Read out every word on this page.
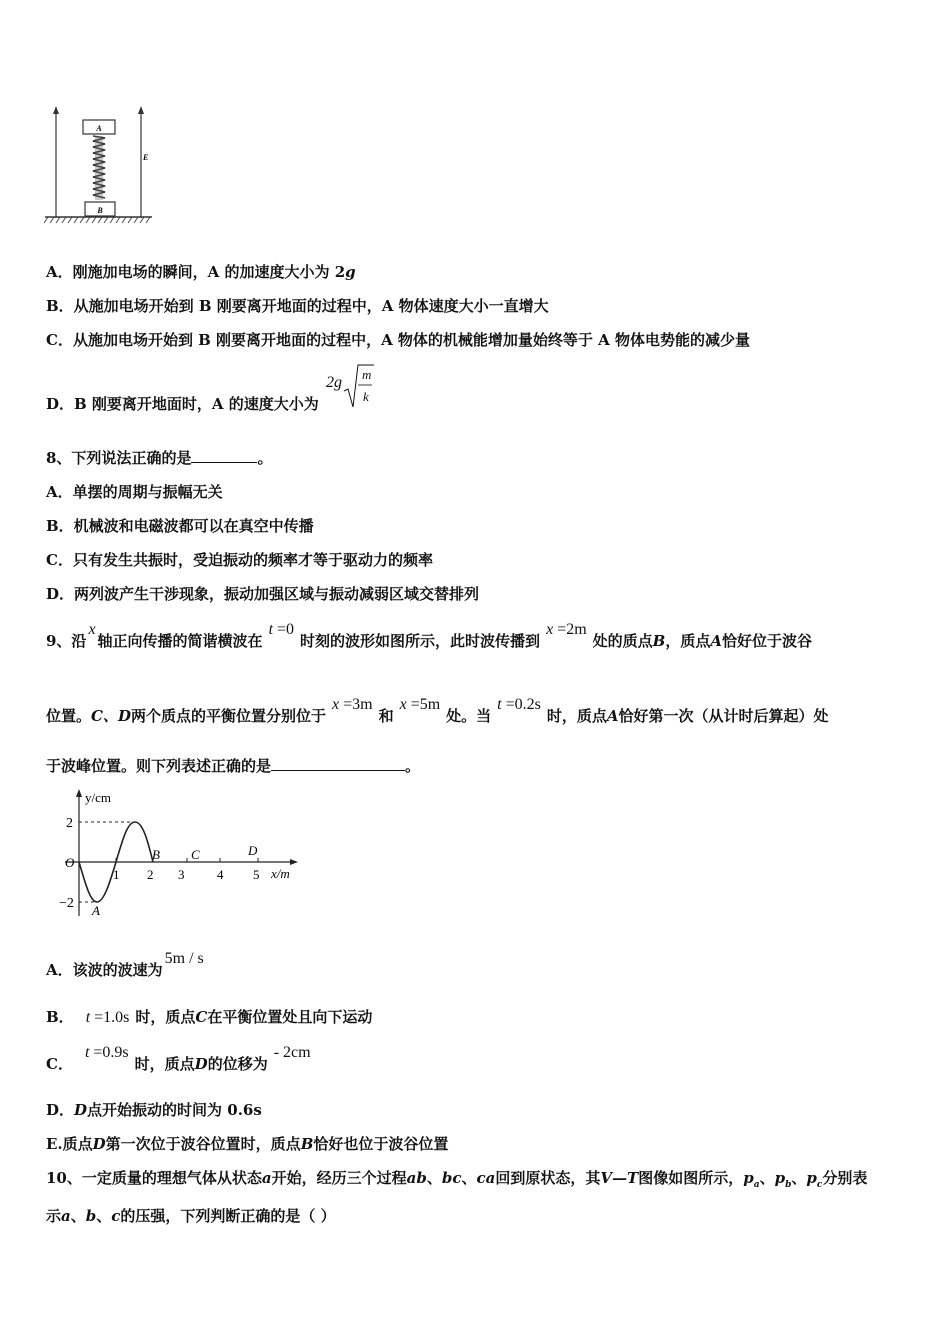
A
B
E
A．刚施加电场的瞬间，A 的加速度大小为 2g
B．从施加电场开始到 B 刚要离开地面的过程中，A 物体速度大小一直增大
C．从施加电场开始到 B 刚要离开地面的过程中，A 物体的机械能增加量始终等于 A 物体电势能的减少量
D．B 刚要离开地面时，A 的速度大小为
2g m
k
8、下列说法正确的是	。
A．单摆的周期与振幅无关
B．机械波和电磁波都可以在真空中传播
C．只有发生共振时，受迫振动的频率才等于驱动力的频率
D．两列波产生干涉现象，振动加强区域与振动减弱区域交替排列
9、沿x轴正向传播的简谐横波在t =0时刻的波形如图所示，此时波传播到x =2m处的质点B，质点A恰好位于波谷
位置。C、D两个质点的平衡位置分别位于x =3m和x =5m处。当t =0.2s时，质点A恰好第一次（从计时后算起）处
于波峰位置。则下列表述正确的是	。
y/cm
x/m
O
2
−2
1 2 3	4 5
A
B C	D
A．该波的波速为5m / s
B． t =1.0s 时，质点C在平衡位置处且向下运动
C．t =0.9s时，质点D的位移为- 2cm
D．D点开始振动的时间为 0.6s
E.质点D第一次位于波谷位置时，质点B恰好也位于波谷位置
10、一定质量的理想气体从状态a开始，经历三个过程ab、bc、ca回到原状态，其V—T图像如图所示，$p_a$、$p_b$、$p_c$分别表
示a、b、c的压强，下列判断正确的是（ ）
